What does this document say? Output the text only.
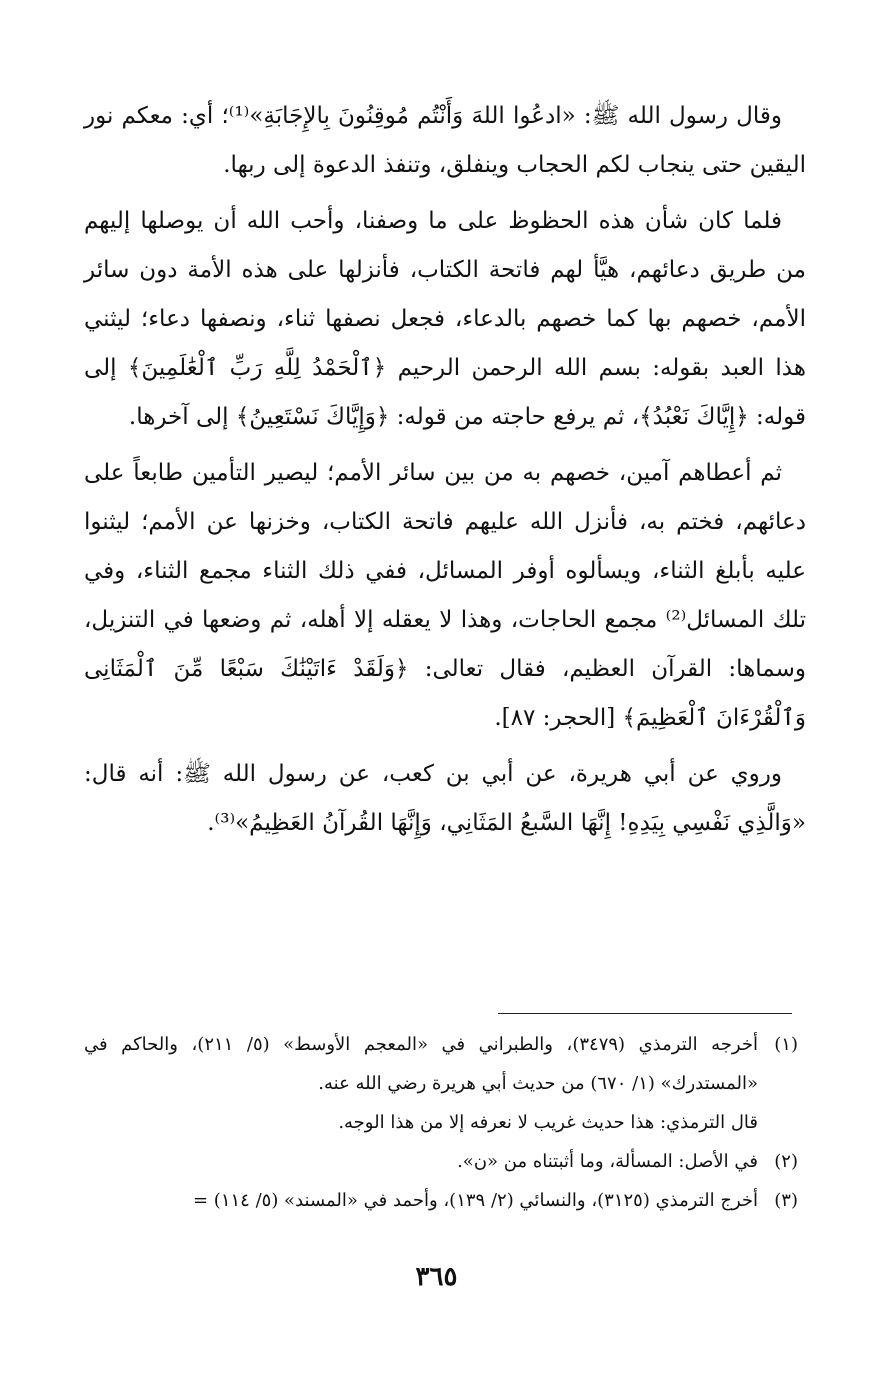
وقال رسول الله ﷺ: «ادعُوا اللهَ وَأَنْتُم مُوقِنُونَ بِالإِجَابَةِ»⁽¹⁾؛ أي: معكم نور اليقين حتى ينجاب لكم الحجاب وينفلق، وتنفذ الدعوة إلى ربها.

فلما كان شأن هذه الحظوظ على ما وصفنا، وأحب الله أن يوصلها إليهم من طريق دعائهم، هيَّأ لهم فاتحة الكتاب، فأنزلها على هذه الأمة دون سائر الأمم، خصهم بها كما خصهم بالدعاء، فجعل نصفها ثناء، ونصفها دعاء؛ ليثني هذا العبد بقوله: بسم الله الرحمن الرحيم ﴿ٱلْحَمْدُ لِلَّهِ رَبِّ ٱلْعَٰلَمِينَ﴾ إلى قوله: ﴿إِيَّاكَ نَعْبُدُ﴾، ثم يرفع حاجته من قوله: ﴿وَإِيَّاكَ نَسْتَعِينُ﴾ إلى آخرها.

ثم أعطاهم آمين، خصهم به من بين سائر الأمم؛ ليصير التأمين طابعاً على دعائهم، فختم به، فأنزل الله عليهم فاتحة الكتاب، وخزنها عن الأمم؛ ليثنوا عليه بأبلغ الثناء، ويسألوه أوفر المسائل، ففي ذلك الثناء مجمع الثناء، وفي تلك المسائل⁽²⁾ مجمع الحاجات، وهذا لا يعقله إلا أهله، ثم وضعها في التنزيل، وسماها: القرآن العظيم، فقال تعالى: ﴿وَلَقَدْ ءَاتَيْنَٰكَ سَبْعًا مِّنَ ٱلْمَثَانِى وَٱلْقُرْءَانَ ٱلْعَظِيمَ﴾ [الحجر: ٨٧].

وروي عن أبي هريرة، عن أبي بن كعب، عن رسول الله ﷺ: أنه قال: «وَالَّذِي نَفْسِي بِيَدِهِ! إِنَّهَا السَّبعُ المَثَانِي، وَإِنَّهَا القُرآنُ العَظِيمُ»⁽³⁾.

(١)
أخرجه الترمذي (٣٤٧٩)، والطبراني في «المعجم الأوسط» (٥/ ٢١١)، والحاكم في «المستدرك» (١/ ٦٧٠) من حديث أبي هريرة رضي الله عنه.
قال الترمذي: هذا حديث غريب لا نعرفه إلا من هذا الوجه.
(٢)
في الأصل: المسألة، وما أثبتناه من «ن».
(٣)
أخرج الترمذي (٣١٢٥)، والنسائي (٢/ ١٣٩)، وأحمد في «المسند» (٥/ ١١٤) =
٣٦٥
